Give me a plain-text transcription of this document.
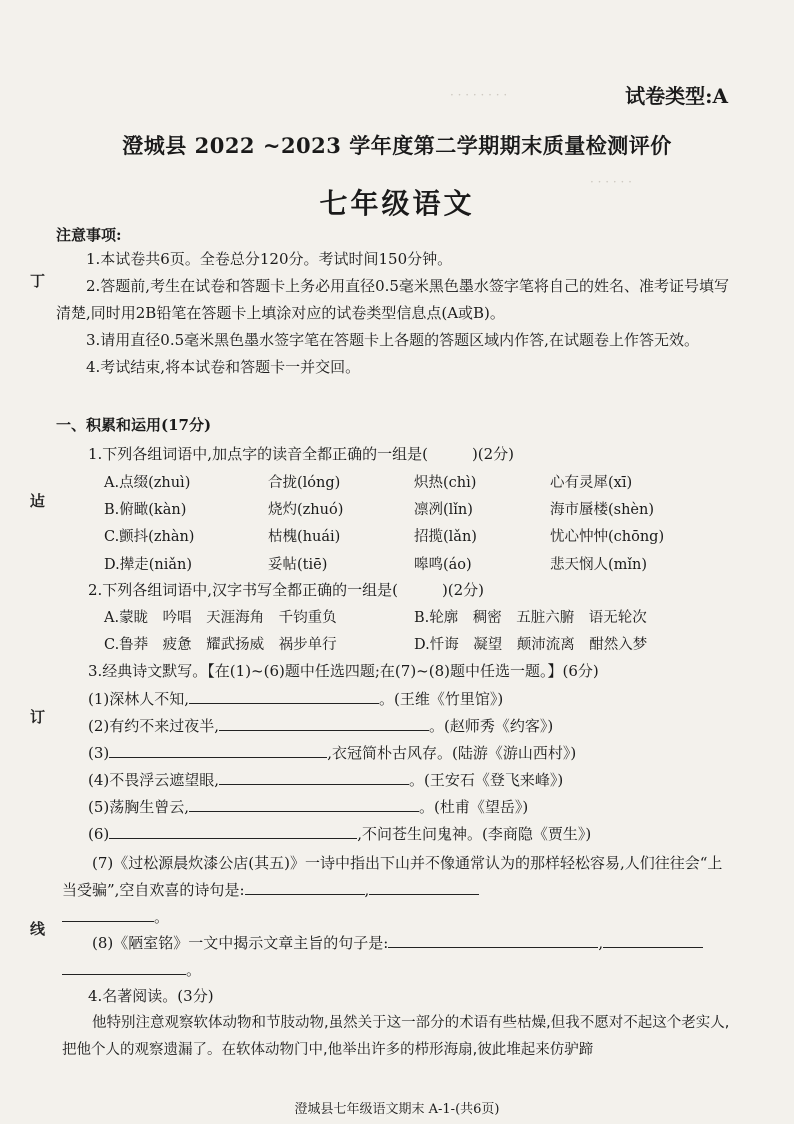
· · · · · · · ·
· · · · · ·
丁
迠
订
线
试卷类型:A
澄城县 2022 ~2023 学年度第二学期期末质量检测评价
七年级语文
注意事项:

1.本试卷共6页。全卷总分120分。考试时间150分钟。

2.答题前,考生在试卷和答题卡上务必用直径0.5毫米黑色墨水签字笔将自己的姓名、准考证号填写清楚,同时用2B铅笔在答题卡上填涂对应的试卷类型信息点(A或B)。

3.请用直径0.5毫米黑色墨水签字笔在答题卡上各题的答题区域内作答,在试题卷上作答无效。

4.考试结束,将本试卷和答题卡一并交回。

一、积累和运用(17分)
1.下列各组词语中,加点字的读音全都正确的一组是(	)(2分)
A.点缀(zhuì)	合拢(lóng)	炽热(chì)	心有灵犀(xī)
B.俯瞰(kàn)	烧灼(zhuó)	凛冽(lǐn)	海市蜃楼(shèn)
C.颤抖(zhàn)	枯槐(huái)	招揽(lǎn)	忧心忡忡(chōng)
D.撵走(niǎn)	妥帖(tiē)	嗥鸣(áo)	悲天悯人(mǐn)
2.下列各组词语中,汉字书写全都正确的一组是(	)(2分)
A.蒙眬　吟唱　天涯海角　千钧重负	B.轮廓　稠密　五脏六腑　语无轮次
C.鲁莽　疲惫　耀武扬威　祸步单行	D.忏诲　凝望　颠沛流离　酣然入梦
3.经典诗文默写。【在(1)~(6)题中任选四题;在(7)~(8)题中任选一题。】(6分)
(1)深林人不知,	。(王维《竹里馆》)
(2)有约不来过夜半,	。(赵师秀《约客》)
(3)	,衣冠简朴古风存。(陆游《游山西村》)
(4)不畏浮云遮望眼,	。(王安石《登飞来峰》)
(5)荡胸生曾云,	。(杜甫《望岳》)
(6)	,不问苍生问鬼神。(李商隐《贾生》)

(7)《过松源晨炊漆公店(其五)》一诗中指出下山并不像通常认为的那样轻松容易,人们往往会“上当受骗”,空自欢喜的诗句是:	,

。

(8)《陋室铭》一文中揭示文章主旨的句子是:	,

。

4.名著阅读。(3分)

他特别注意观察软体动物和节肢动物,虽然关于这一部分的术语有些枯燥,但我不愿对不起这个老实人,把他个人的观察遗漏了。在软体动物门中,他举出许多的栉形海扇,彼此堆起来仿驴蹄

澄城县七年级语文期末 A-1-(共6页)
